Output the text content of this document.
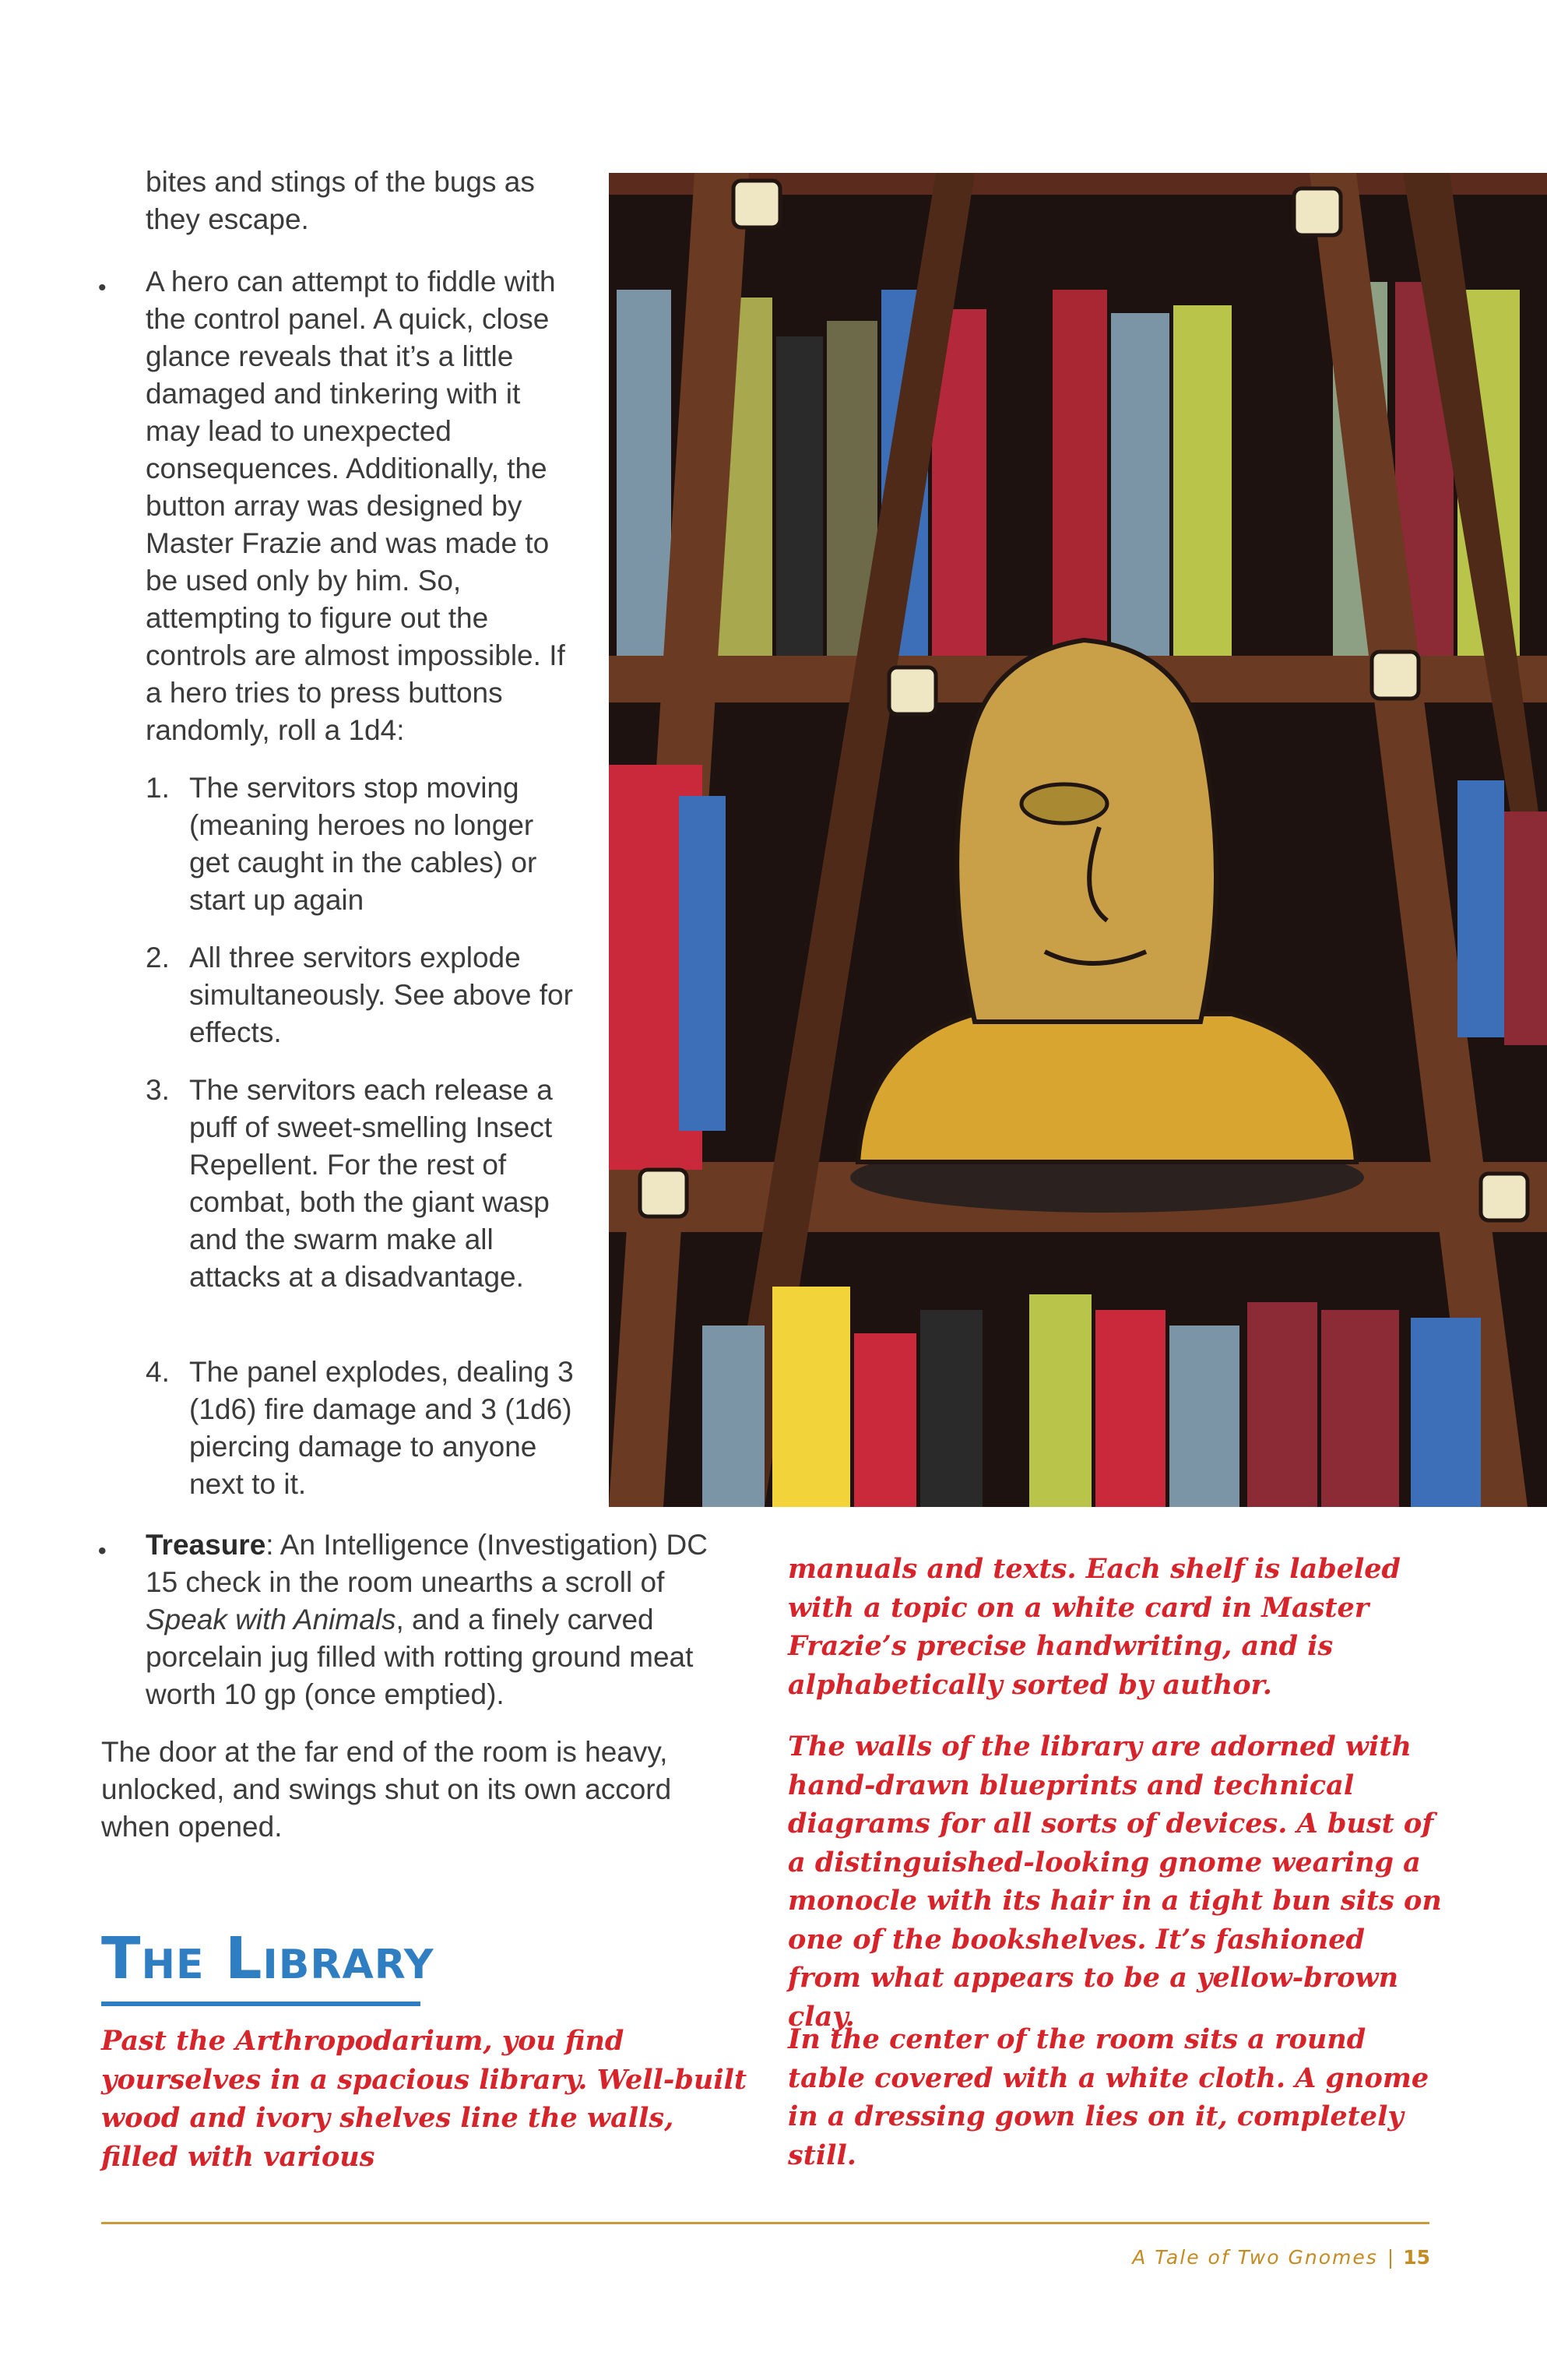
bites and stings of the bugs as they escape.
• A hero can attempt to fiddle with the control panel. A quick, close glance reveals that it’s a little damaged and tinkering with it may lead to unexpected consequences. Additionally, the button array was designed by Master Frazie and was made to be used only by him. So, attempting to figure out the controls are almost impossible. If a hero tries to press buttons randomly, roll a 1d4:
1. The servitors stop moving (meaning heroes no longer get caught in the cables) or start up again
2. All three servitors explode simultaneously. See above for effects.
3. The servitors each release a puff of sweet-smelling Insect Repellent. For the rest of combat, both the giant wasp and the swarm make all attacks at a disadvantage.
4. The panel explodes, dealing 3 (1d6) fire damage and 3 (1d6) piercing damage to anyone next to it.
• Treasure: An Intelligence (Investigation) DC 15 check in the room unearths a scroll of Speak with Animals, and a finely carved porcelain jug filled with rotting ground meat worth 10 gp (once emptied).
The door at the far end of the room is heavy, unlocked, and swings shut on its own accord when opened.
The Library
Past the Arthropodarium, you find yourselves in a spacious library. Well-built wood and ivory shelves line the walls, filled with various
manuals and texts. Each shelf is labeled with a topic on a white card in Master Frazie’s precise handwriting, and is alphabetically sorted by author.
The walls of the library are adorned with hand-drawn blueprints and technical diagrams for all sorts of devices. A bust of a distinguished-looking gnome wearing a monocle with its hair in a tight bun sits on one of the bookshelves. It’s fashioned from what appears to be a yellow-brown clay.
In the center of the room sits a round table covered with a white cloth. A gnome in a dressing gown lies on it, completely still.
A Tale of Two Gnomes | 15
